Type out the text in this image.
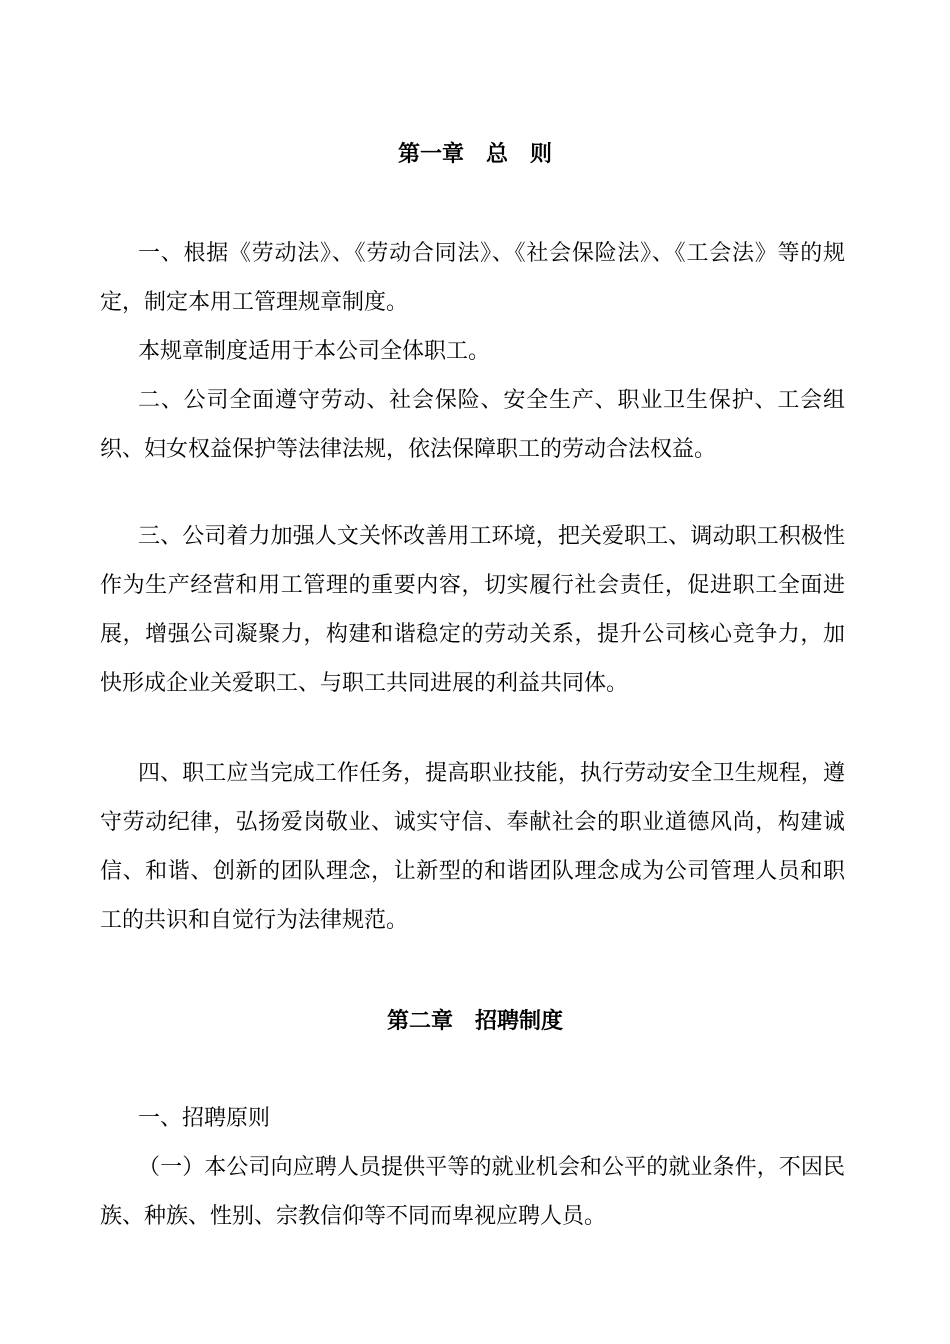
第一章　总　则
一、根据《劳动法》、《劳动合同法》、《社会保险法》、《工会法》等的规定，制定本用工管理规章制度。
本规章制度适用于本公司全体职工。
二、公司全面遵守劳动、社会保险、安全生产、职业卫生保护、工会组织、妇女权益保护等法律法规，依法保障职工的劳动合法权益。
三、公司着力加强人文关怀改善用工环境，把关爱职工、调动职工积极性作为生产经营和用工管理的重要内容，切实履行社会责任，促进职工全面进展，增强公司凝聚力，构建和谐稳定的劳动关系，提升公司核心竞争力，加快形成企业关爱职工、与职工共同进展的利益共同体。
四、职工应当完成工作任务，提高职业技能，执行劳动安全卫生规程，遵守劳动纪律，弘扬爱岗敬业、诚实守信、奉献社会的职业道德风尚，构建诚信、和谐、创新的团队理念，让新型的和谐团队理念成为公司管理人员和职工的共识和自觉行为法律规范。
第二章　招聘制度
一、招聘原则
（一）本公司向应聘人员提供平等的就业机会和公平的就业条件，不因民族、种族、性别、宗教信仰等不同而卑视应聘人员。
